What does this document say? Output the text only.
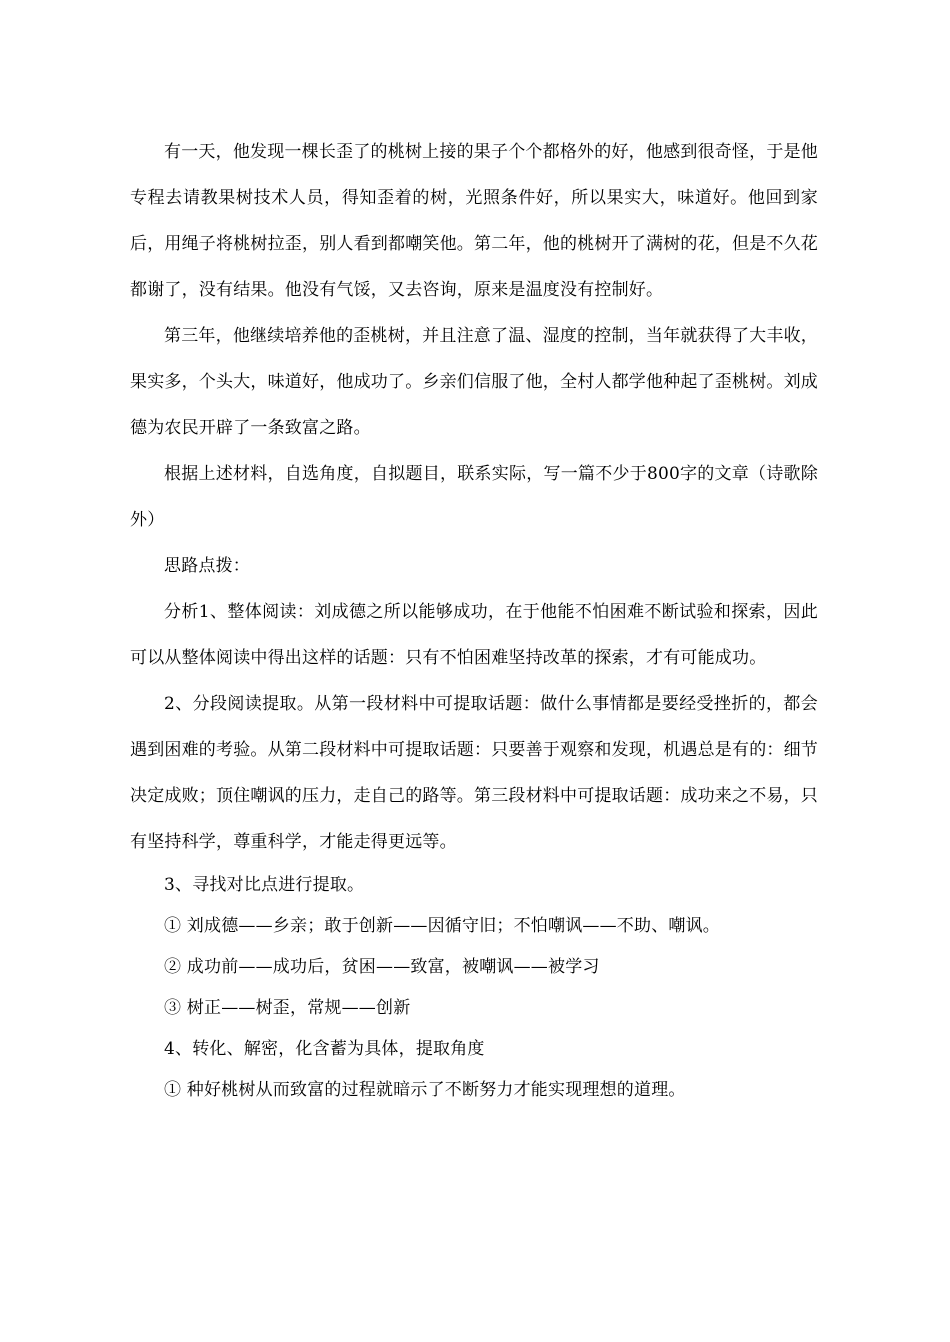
有一天，他发现一棵长歪了的桃树上接的果子个个都格外的好，他感到很奇怪，于是他专程去请教果树技术人员，得知歪着的树，光照条件好，所以果实大，味道好。他回到家后，用绳子将桃树拉歪，别人看到都嘲笑他。第二年，他的桃树开了满树的花，但是不久花都谢了，没有结果。他没有气馁，又去咨询，原来是温度没有控制好。

第三年，他继续培养他的歪桃树，并且注意了温、湿度的控制，当年就获得了大丰收，果实多，个头大，味道好，他成功了。乡亲们信服了他，全村人都学他种起了歪桃树。刘成德为农民开辟了一条致富之路。

根据上述材料，自选角度，自拟题目，联系实际，写一篇不少于800字的文章（诗歌除外）

思路点拨：

分析1、整体阅读：刘成德之所以能够成功，在于他能不怕困难不断试验和探索，因此可以从整体阅读中得出这样的话题：只有不怕困难坚持改革的探索，才有可能成功。

2、分段阅读提取。从第一段材料中可提取话题：做什么事情都是要经受挫折的，都会遇到困难的考验。从第二段材料中可提取话题：只要善于观察和发现，机遇总是有的：细节决定成败；顶住嘲讽的压力，走自己的路等。第三段材料中可提取话题：成功来之不易，只有坚持科学，尊重科学，才能走得更远等。

3、寻找对比点进行提取。

① 刘成德——乡亲；敢于创新——因循守旧；不怕嘲讽——不助、嘲讽。

② 成功前——成功后，贫困——致富，被嘲讽——被学习

③ 树正——树歪，常规——创新

4、转化、解密，化含蓄为具体，提取角度

① 种好桃树从而致富的过程就暗示了不断努力才能实现理想的道理。
